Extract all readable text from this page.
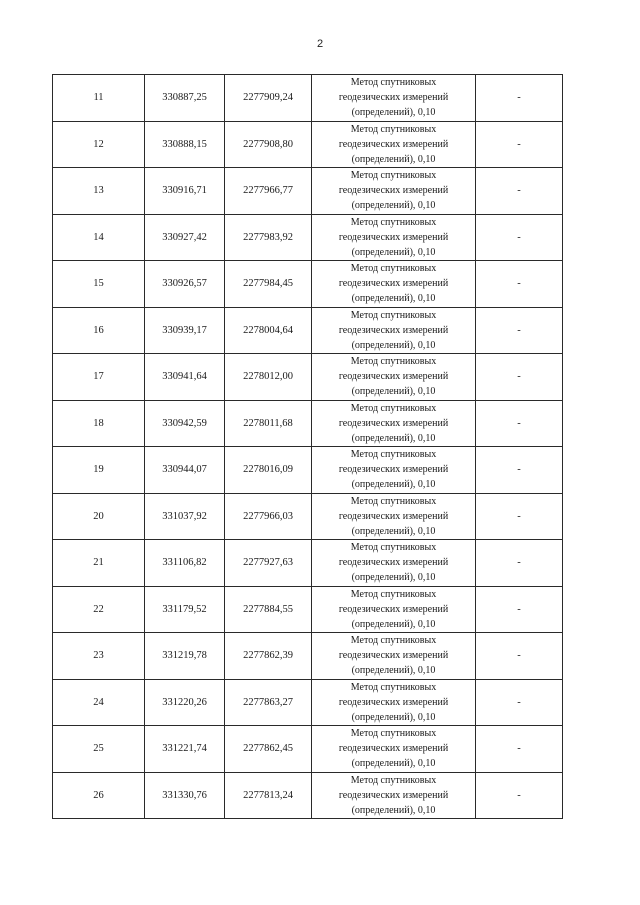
2
11	330887,25	2277909,24	Метод спутниковых
геодезических измерений
(определений), 0,10	-
12	330888,15	2277908,80	Метод спутниковых
геодезических измерений
(определений), 0,10	-
13	330916,71	2277966,77	Метод спутниковых
геодезических измерений
(определений), 0,10	-
14	330927,42	2277983,92	Метод спутниковых
геодезических измерений
(определений), 0,10	-
15	330926,57	2277984,45	Метод спутниковых
геодезических измерений
(определений), 0,10	-
16	330939,17	2278004,64	Метод спутниковых
геодезических измерений
(определений), 0,10	-
17	330941,64	2278012,00	Метод спутниковых
геодезических измерений
(определений), 0,10	-
18	330942,59	2278011,68	Метод спутниковых
геодезических измерений
(определений), 0,10	-
19	330944,07	2278016,09	Метод спутниковых
геодезических измерений
(определений), 0,10	-
20	331037,92	2277966,03	Метод спутниковых
геодезических измерений
(определений), 0,10	-
21	331106,82	2277927,63	Метод спутниковых
геодезических измерений
(определений), 0,10	-
22	331179,52	2277884,55	Метод спутниковых
геодезических измерений
(определений), 0,10	-
23	331219,78	2277862,39	Метод спутниковых
геодезических измерений
(определений), 0,10	-
24	331220,26	2277863,27	Метод спутниковых
геодезических измерений
(определений), 0,10	-
25	331221,74	2277862,45	Метод спутниковых
геодезических измерений
(определений), 0,10	-
26	331330,76	2277813,24	Метод спутниковых
геодезических измерений
(определений), 0,10	-
